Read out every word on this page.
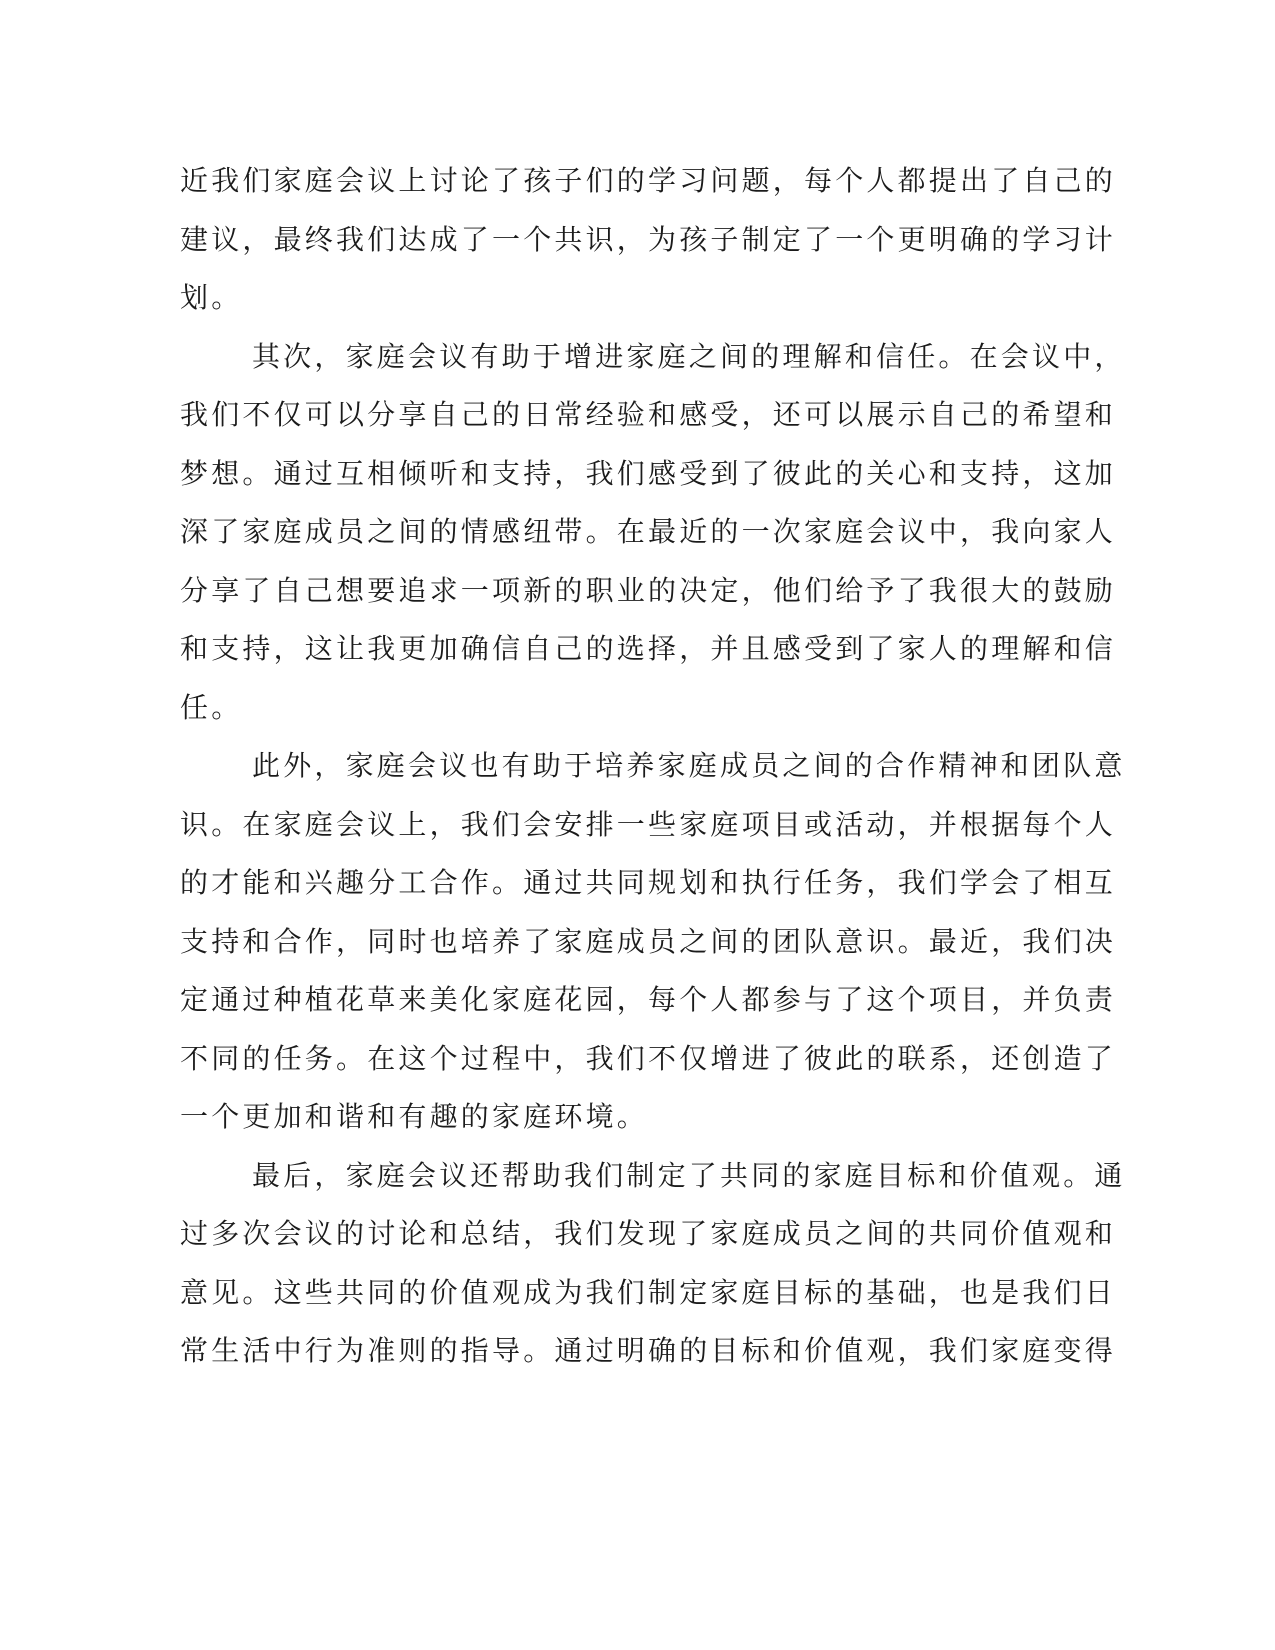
近我们家庭会议上讨论了孩子们的学习问题，每个人都提出了自己的
建议，最终我们达成了一个共识，为孩子制定了一个更明确的学习计
划。
其次，家庭会议有助于增进家庭之间的理解和信任。在会议中，
我们不仅可以分享自己的日常经验和感受，还可以展示自己的希望和
梦想。通过互相倾听和支持，我们感受到了彼此的关心和支持，这加
深了家庭成员之间的情感纽带。在最近的一次家庭会议中，我向家人
分享了自己想要追求一项新的职业的决定，他们给予了我很大的鼓励
和支持，这让我更加确信自己的选择，并且感受到了家人的理解和信
任。
此外，家庭会议也有助于培养家庭成员之间的合作精神和团队意
识。在家庭会议上，我们会安排一些家庭项目或活动，并根据每个人
的才能和兴趣分工合作。通过共同规划和执行任务，我们学会了相互
支持和合作，同时也培养了家庭成员之间的团队意识。最近，我们决
定通过种植花草来美化家庭花园，每个人都参与了这个项目，并负责
不同的任务。在这个过程中，我们不仅增进了彼此的联系，还创造了
一个更加和谐和有趣的家庭环境。
最后，家庭会议还帮助我们制定了共同的家庭目标和价值观。通
过多次会议的讨论和总结，我们发现了家庭成员之间的共同价值观和
意见。这些共同的价值观成为我们制定家庭目标的基础，也是我们日
常生活中行为准则的指导。通过明确的目标和价值观，我们家庭变得
